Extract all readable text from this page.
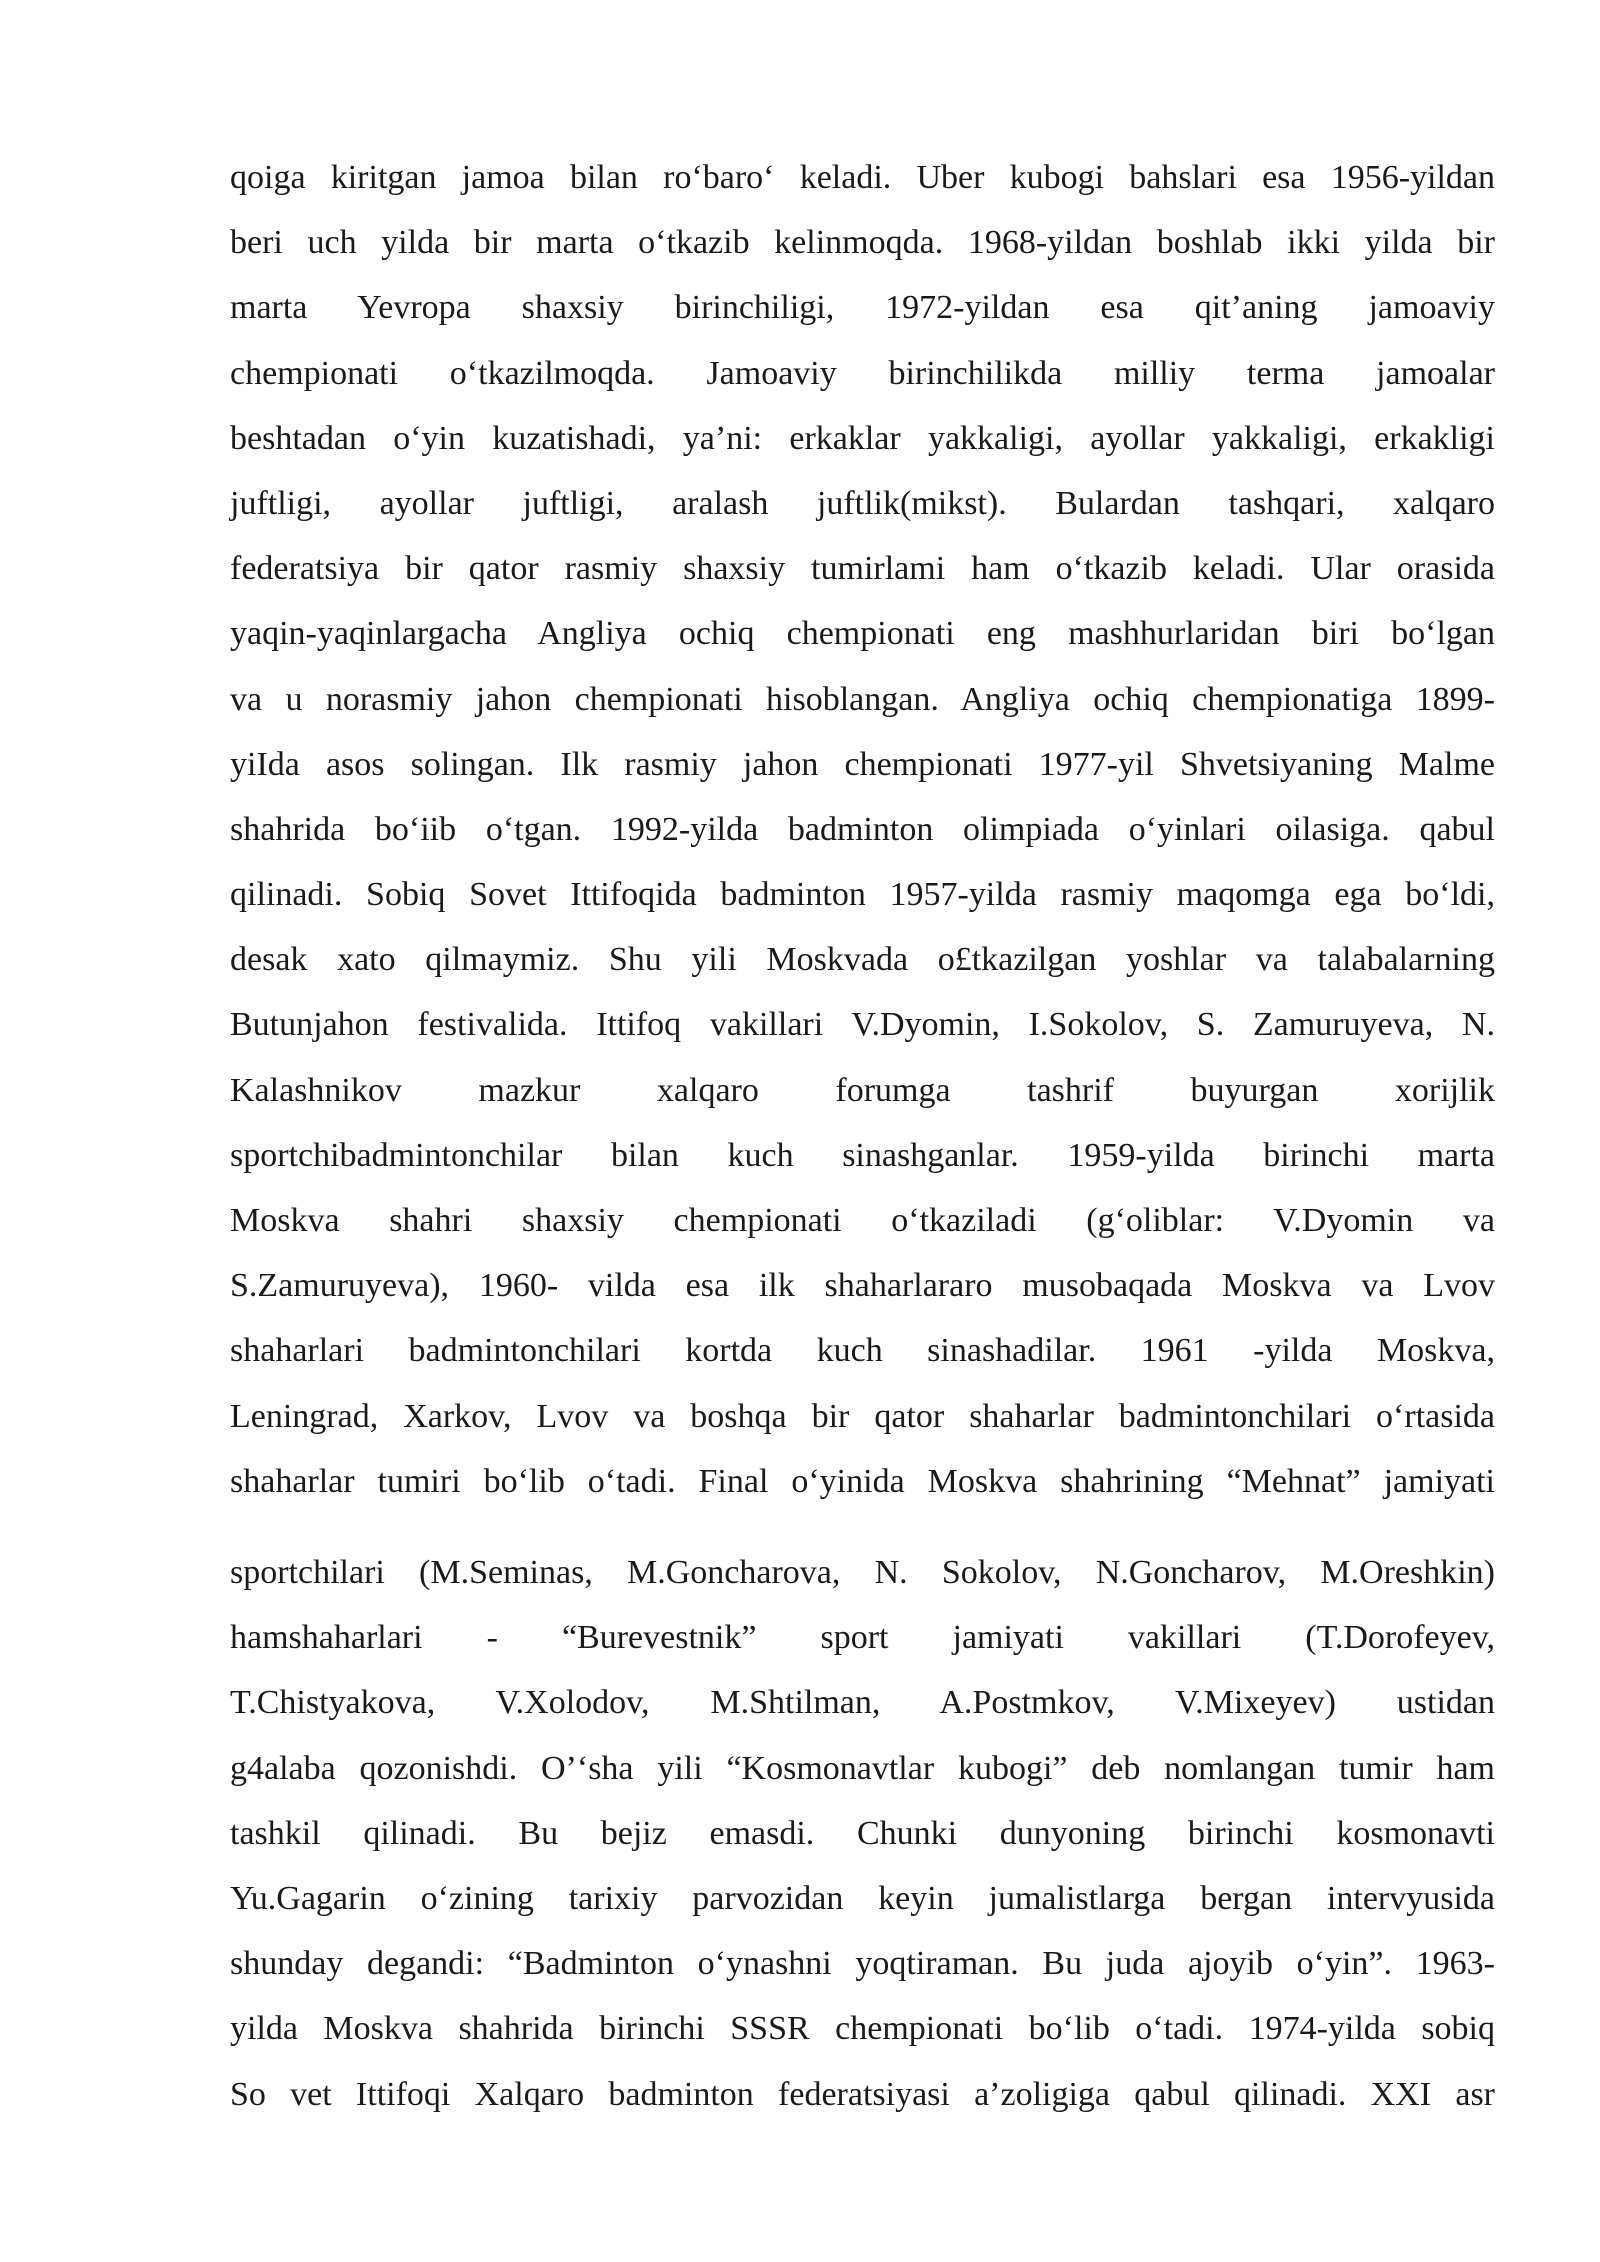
qoiga kiritgan jamoa bilan ro‘baro‘ keladi. Uber kubogi bahslari esa 1956-yildan
beri uch yilda bir marta o‘tkazib kelinmoqda. 1968-yildan boshlab ikki yilda bir
marta Yevropa shaxsiy birinchiligi, 1972-yildan esa qit’aning jamoaviy
chempionati o‘tkazilmoqda. Jamoaviy birinchilikda milliy terma jamoalar
beshtadan o‘yin kuzatishadi, ya’ni: erkaklar yakkaligi, ayollar yakkaligi, erkakligi
juftligi, ayollar juftligi, aralash juftlik(mikst). Bulardan tashqari, xalqaro
federatsiya bir qator rasmiy shaxsiy tumirlami ham o‘tkazib keladi. Ular orasida
yaqin-yaqinlargacha Angliya ochiq chempionati eng mashhurlaridan biri bo‘lgan
va u norasmiy jahon chempionati hisoblangan. Angliya ochiq chempionatiga 1899-
yiIda asos solingan. Ilk rasmiy jahon chempionati 1977-yil Shvetsiyaning Malme
shahrida bo‘iib o‘tgan. 1992-yilda badminton olimpiada o‘yinlari oilasiga. qabul
qilinadi. Sobiq Sovet Ittifoqida badminton 1957-yilda rasmiy maqomga ega bo‘ldi,
desak xato qilmaymiz. Shu yili Moskvada o£tkazilgan yoshlar va talabalarning
Butunjahon festivalida. Ittifoq vakillari V.Dyomin, I.Sokolov, S. Zamuruyeva, N.
Kalashnikov mazkur xalqaro forumga tashrif buyurgan xorijlik
sportchibadmintonchilar bilan kuch sinashganlar. 1959-yilda birinchi marta
Moskva shahri shaxsiy chempionati o‘tkaziladi (g‘oliblar: V.Dyomin va
S.Zamuruyeva), 1960- vilda esa ilk shaharlararo musobaqada Moskva va Lvov
shaharlari badmintonchilari kortda kuch sinashadilar. 1961 -yilda Moskva,
Leningrad, Xarkov, Lvov va boshqa bir qator shaharlar badmintonchilari o‘rtasida
shaharlar tumiri bo‘lib o‘tadi. Final o‘yinida Moskva shahrining “Mehnat” jamiyati
sportchilari (M.Seminas, M.Goncharova, N. Sokolov, N.Goncharov, M.Oreshkin)
hamshaharlari - “Burevestnik” sport jamiyati vakillari (T.Dorofeyev,
T.Chistyakova, V.Xolodov, M.Shtilman, A.Postmkov, V.Mixeyev) ustidan
g4alaba qozonishdi. O’‘sha yili “Kosmonavtlar kubogi” deb nomlangan tumir ham
tashkil qilinadi. Bu bejiz emasdi. Chunki dunyoning birinchi kosmonavti
Yu.Gagarin o‘zining tarixiy parvozidan keyin jumalistlarga bergan intervyusida
shunday degandi: “Badminton o‘ynashni yoqtiraman. Bu juda ajoyib o‘yin”. 1963-
yilda Moskva shahrida birinchi SSSR chempionati bo‘lib o‘tadi. 1974-yilda sobiq
So vet Ittifoqi Xalqaro badminton federatsiyasi a’zoligiga qabul qilinadi. XXI asr
